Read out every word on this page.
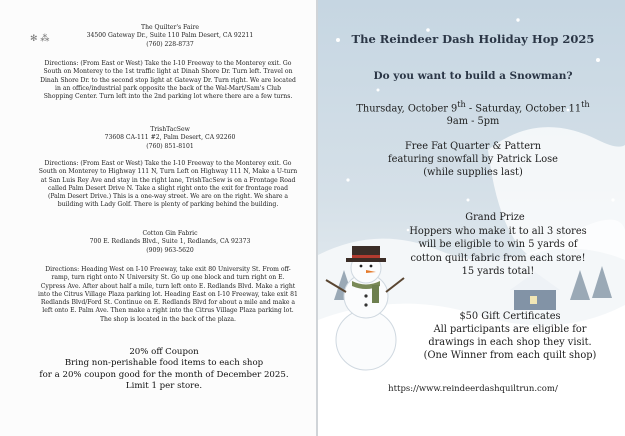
✻ ⁂
The Quilter's Faire
34500 Gateway Dr., Suite 110 Palm Desert, CA 92211
(760) 228-8737
Directions: (From East or West) Take the I-10 Freeway to the Monterey exit. Go
South on Monterey to the 1st traffic light at Dinah Shore Dr. Turn left. Travel on
Dinah Shore Dr. to the second stop light at Gateway Dr. Turn right. We are located
in an office/industrial park opposite the back of the Wal-Mart/Sam's Club
Shopping Center. Turn left into the 2nd parking lot where there are a few turns.
TrishTacSew
73608 CA-111 #2, Palm Desert, CA 92260
(760) 851-8101
Directions: (From East or West) Take the I-10 Freeway to the Monterey exit. Go
South on Monterey to Highway 111 N, Turn Left on Highway 111 N, Make a U-turn
at San Luis Rey Ave and stay in the right lane, TrishTacSew is on a Frontage Road
called Palm Desert Drive N. Take a slight right onto the exit for frontage road
(Palm Desert Drive.) This is a one-way street. We are on the right. We share a
building with Lady Golf. There is plenty of parking behind the building.
Cotton Gin Fabric
700 E. Redlands Blvd., Suite 1, Redlands, CA 92373
(909) 963-5620
Directions: Heading West on I-10 Freeway, take exit 80 University St. From off-
ramp, turn right onto N University St. Go up one block and turn right on E.
Cypress Ave. After about half a mile, turn left onto E. Redlands Blvd. Make a right
into the Citrus Village Plaza parking lot. Heading East on I-10 Freeway, take exit 81
Redlands Blvd/Ford St. Continue on E. Redlands Blvd for about a mile and make a
left onto E. Palm Ave. Then make a right into the Citrus Village Plaza parking lot.
The shop is located in the back of the plaza.
20% off Coupon
Bring non-perishable food items to each shop
for a 20% coupon good for the month of December 2025.
Limit 1 per store.
The Reindeer Dash Holiday Hop 2025
Do you want to build a Snowman?
Thursday, October 9th - Saturday, October 11th
9am - 5pm
Free Fat Quarter & Pattern
featuring snowfall by Patrick Lose
(while supplies last)
Grand Prize
Hoppers who make it to all 3 stores
will be eligible to win 5 yards of
cotton quilt fabric from each store!
15 yards total!
$50 Gift Certificates
All participants are eligible for
drawings in each shop they visit.
(One Winner from each quilt shop)
https://www.reindeerdashquiltrun.com/
